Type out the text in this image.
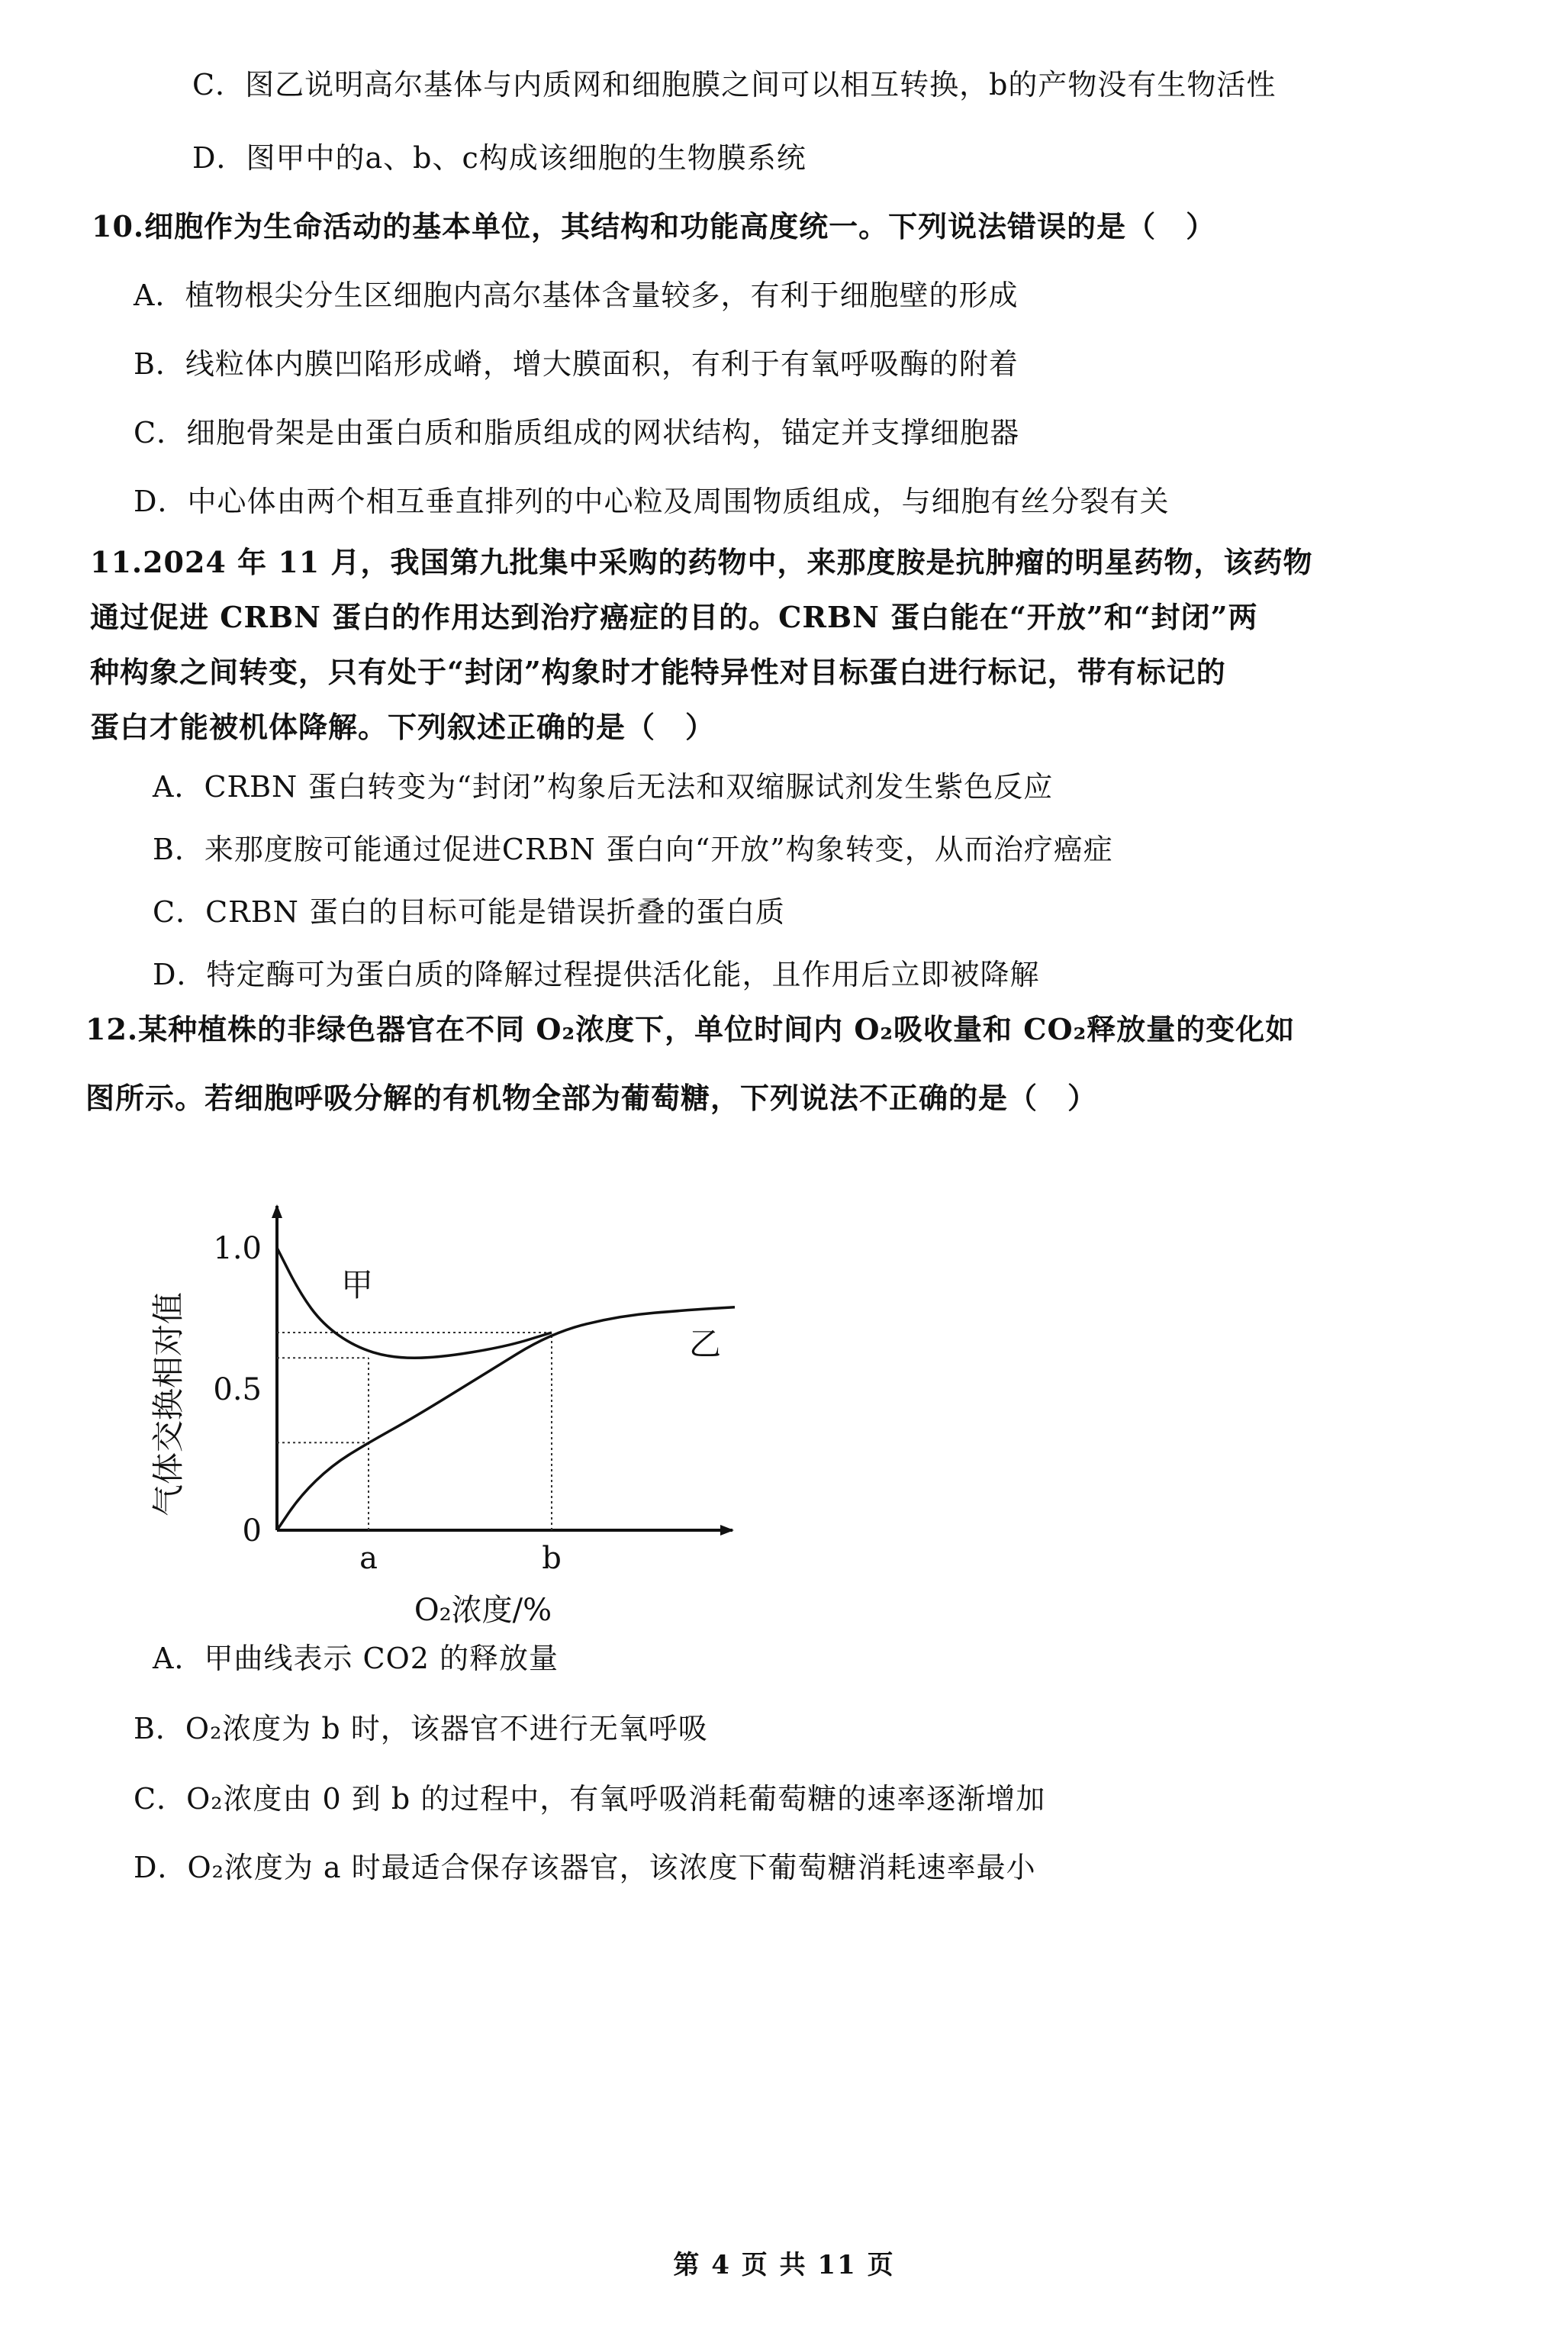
C．图乙说明高尔基体与内质网和细胞膜之间可以相互转换，b的产物没有生物活性
D．图甲中的a、b、c构成该细胞的生物膜系统
10.细胞作为生命活动的基本单位，其结构和功能高度统一。下列说法错误的是（　）
A．植物根尖分生区细胞内高尔基体含量较多，有利于细胞壁的形成
B．线粒体内膜凹陷形成嵴，增大膜面积，有利于有氧呼吸酶的附着
C．细胞骨架是由蛋白质和脂质组成的网状结构，锚定并支撑细胞器
D．中心体由两个相互垂直排列的中心粒及周围物质组成，与细胞有丝分裂有关
11.2024 年 11 月，我国第九批集中采购的药物中，来那度胺是抗肿瘤的明星药物，该药物
通过促进 CRBN 蛋白的作用达到治疗癌症的目的。CRBN 蛋白能在“开放”和“封闭”两
种构象之间转变，只有处于“封闭”构象时才能特异性对目标蛋白进行标记，带有标记的
蛋白才能被机体降解。下列叙述正确的是（　）
A．CRBN 蛋白转变为“封闭”构象后无法和双缩脲试剂发生紫色反应
B．来那度胺可能通过促进CRBN 蛋白向“开放”构象转变，从而治疗癌症
C．CRBN 蛋白的目标可能是错误折叠的蛋白质
D．特定酶可为蛋白质的降解过程提供活化能，且作用后立即被降解
12.某种植株的非绿色器官在不同 O₂浓度下，单位时间内 O₂吸收量和 CO₂释放量的变化如
图所示。若细胞呼吸分解的有机物全部为葡萄糖，下列说法不正确的是（　）
甲
乙
0
0.5
1.0
a	b
O₂浓度/%
气体交换相对值
A．甲曲线表示 CO2 的释放量
B．O₂浓度为 b 时，该器官不进行无氧呼吸
C．O₂浓度由 0 到 b 的过程中，有氧呼吸消耗葡萄糖的速率逐渐增加
D．O₂浓度为 a 时最适合保存该器官，该浓度下葡萄糖消耗速率最小
第 4 页 共 11 页
